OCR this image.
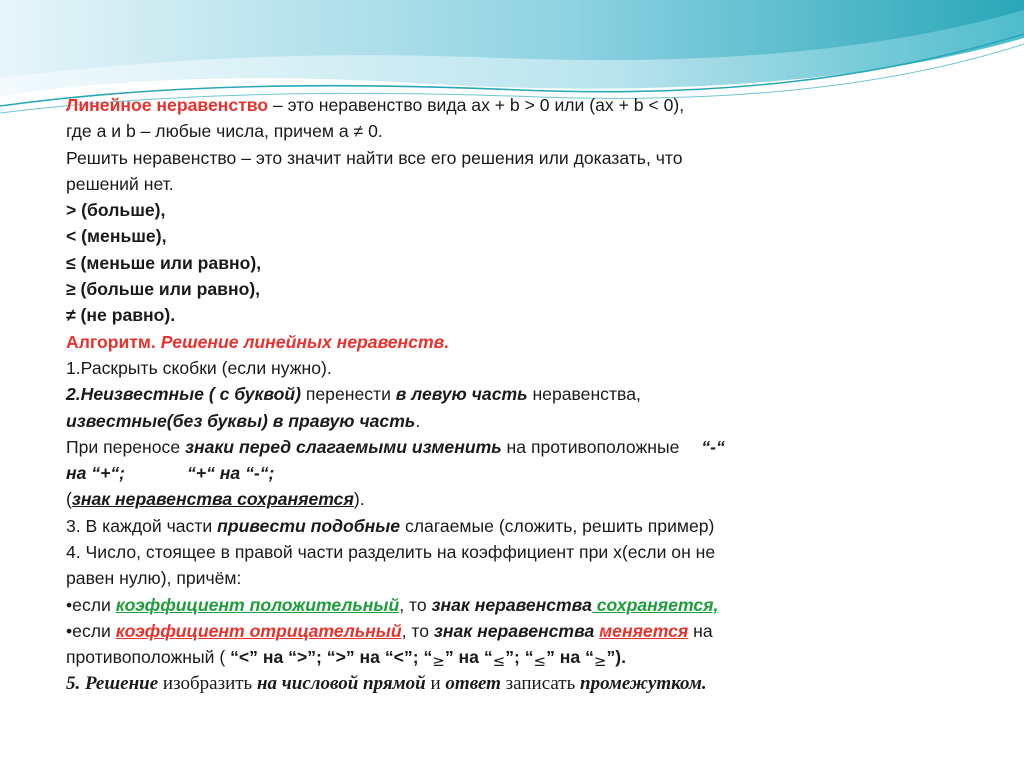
Линейное неравенство – это неравенство вида ax + b > 0 или (ax + b < 0),
где a и b – любые числа, причем a ≠ 0.
Решить неравенство – это значит найти все его решения или доказать, что
решений нет.
> (больше),
< (меньше),
≤ (меньше или равно),
≥ (больше или равно),
≠ (не равно).
Алгоритм. Решение линейных неравенств.
1.Раскрыть скобки (если нужно).
2.Неизвестные ( с буквой) перенести в левую часть неравенства,
известные(без буквы) в правую часть.
При переносе знаки перед слагаемыми изменить на противоположные “-“
на “+“;	“+“ на “-“;
(знак неравенства сохраняется).
3. В каждой части привести подобные слагаемые (сложить, решить пример)
4. Число, стоящее в правой части разделить на коэффициент при х(если он не
равен нулю), причём:
•если коэффициент положительный, то знак неравенства сохраняется,
•если коэффициент отрицательный, то знак неравенства меняется на
противоположный ( “<” на “>”; “>” на “<”; “≥” на “≤”; “≤” на “≥”).
5. Решение изобразить на числовой прямой и ответ записать промежутком.
